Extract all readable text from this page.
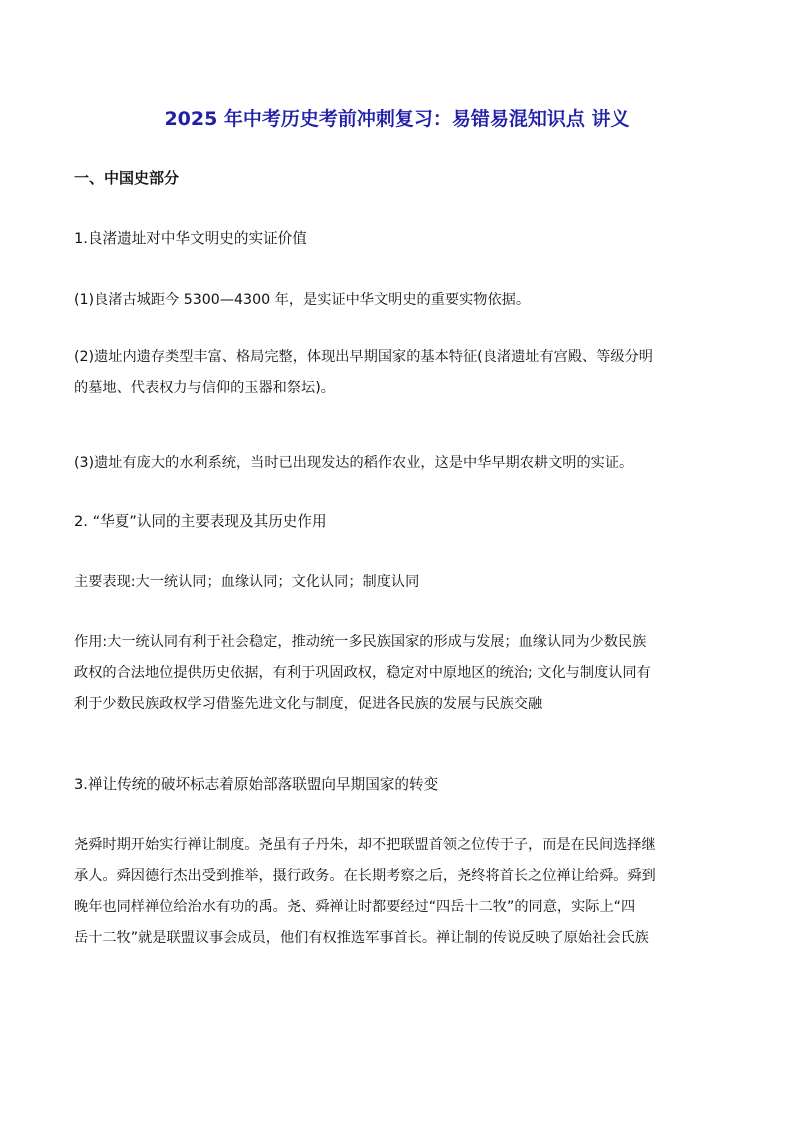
2025 年中考历史考前冲刺复习：易错易混知识点 讲义
一、中国史部分
1.良渚遗址对中华文明史的实证价值
(1)良渚古城距今 5300—4300 年，是实证中华文明史的重要实物依据。
(2)遗址内遗存类型丰富、格局完整，体现出早期国家的基本特征(良渚遗址有宫殿、等级分明
的墓地、代表权力与信仰的玉器和祭坛)。
(3)遗址有庞大的水利系统，当时已出现发达的稻作农业，这是中华早期农耕文明的实证。
2. “华夏”认同的主要表现及其历史作用
主要表现:大一统认同；血缘认同；文化认同；制度认同
作用:大一统认同有利于社会稳定，推动统一多民族国家的形成与发展；血缘认同为少数民族
政权的合法地位提供历史依据，有利于巩固政权，稳定对中原地区的统治; 文化与制度认同有
利于少数民族政权学习借鉴先进文化与制度，促进各民族的发展与民族交融
3.禅让传统的破坏标志着原始部落联盟向早期国家的转变
尧舜时期开始实行禅让制度。尧虽有子丹朱，却不把联盟首领之位传于子，而是在民间选择继
承人。舜因德行杰出受到推举，摄行政务。在长期考察之后，尧终将首长之位禅让给舜。舜到
晚年也同样禅位给治水有功的禹。尧、舜禅让时都要经过“四岳十二牧”的同意，实际上“四
岳十二牧”就是联盟议事会成员，他们有权推选军事首长。禅让制的传说反映了原始社会氏族
